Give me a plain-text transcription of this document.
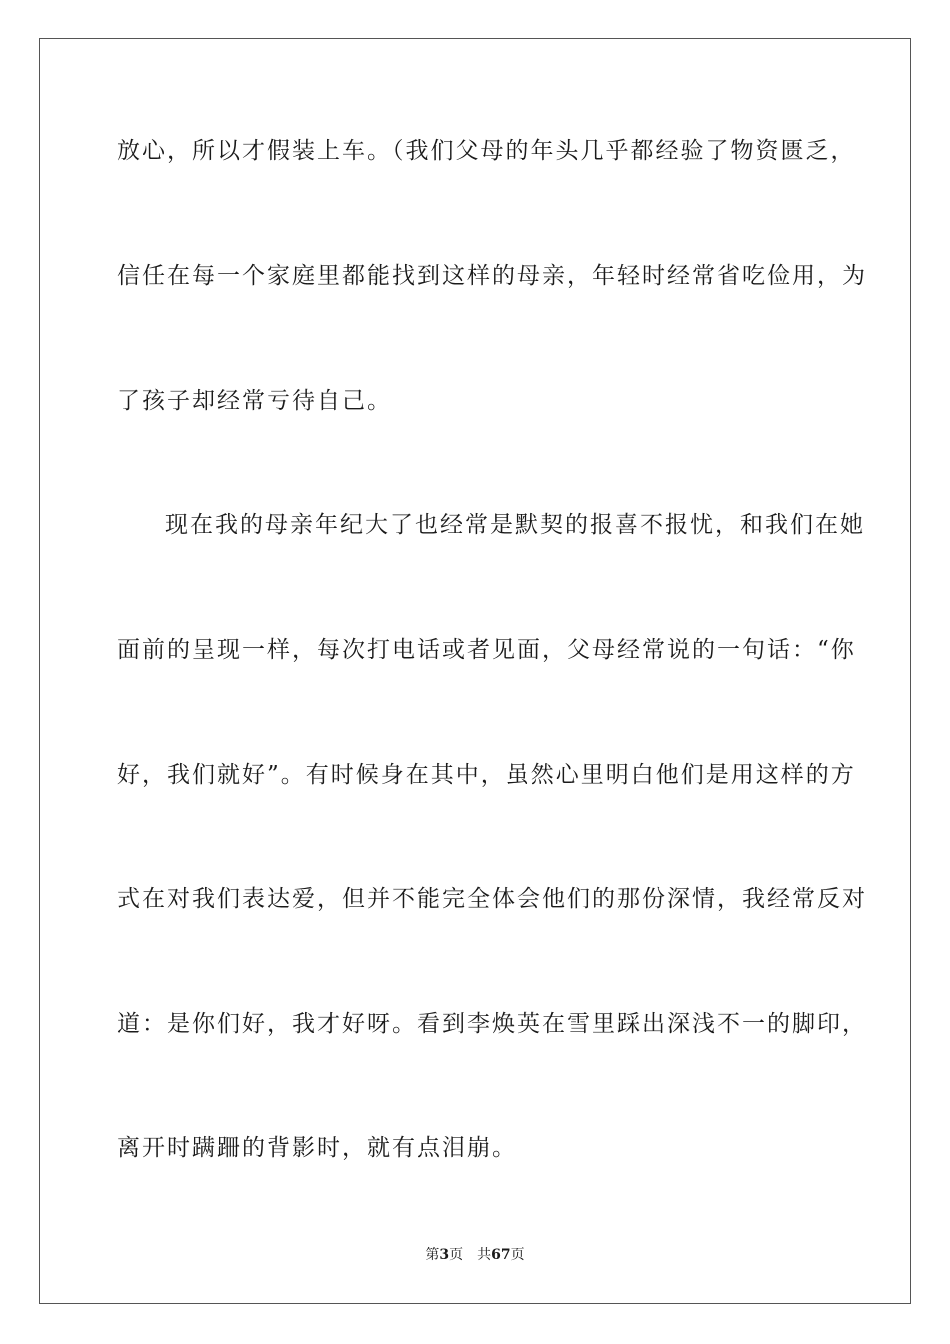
放心，所以才假装上车。（我们父母的年头几乎都经验了物资匮乏，
信任在每一个家庭里都能找到这样的母亲，年轻时经常省吃俭用，为
了孩子却经常亏待自己。
现在我的母亲年纪大了也经常是默契的报喜不报忧，和我们在她
面前的呈现一样，每次打电话或者见面，父母经常说的一句话：“你
好，我们就好”。有时候身在其中，虽然心里明白他们是用这样的方
式在对我们表达爱，但并不能完全体会他们的那份深情，我经常反对
道：是你们好，我才好呀。看到李焕英在雪里踩出深浅不一的脚印，
离开时蹒跚的背影时，就有点泪崩。
第3页 共67页
